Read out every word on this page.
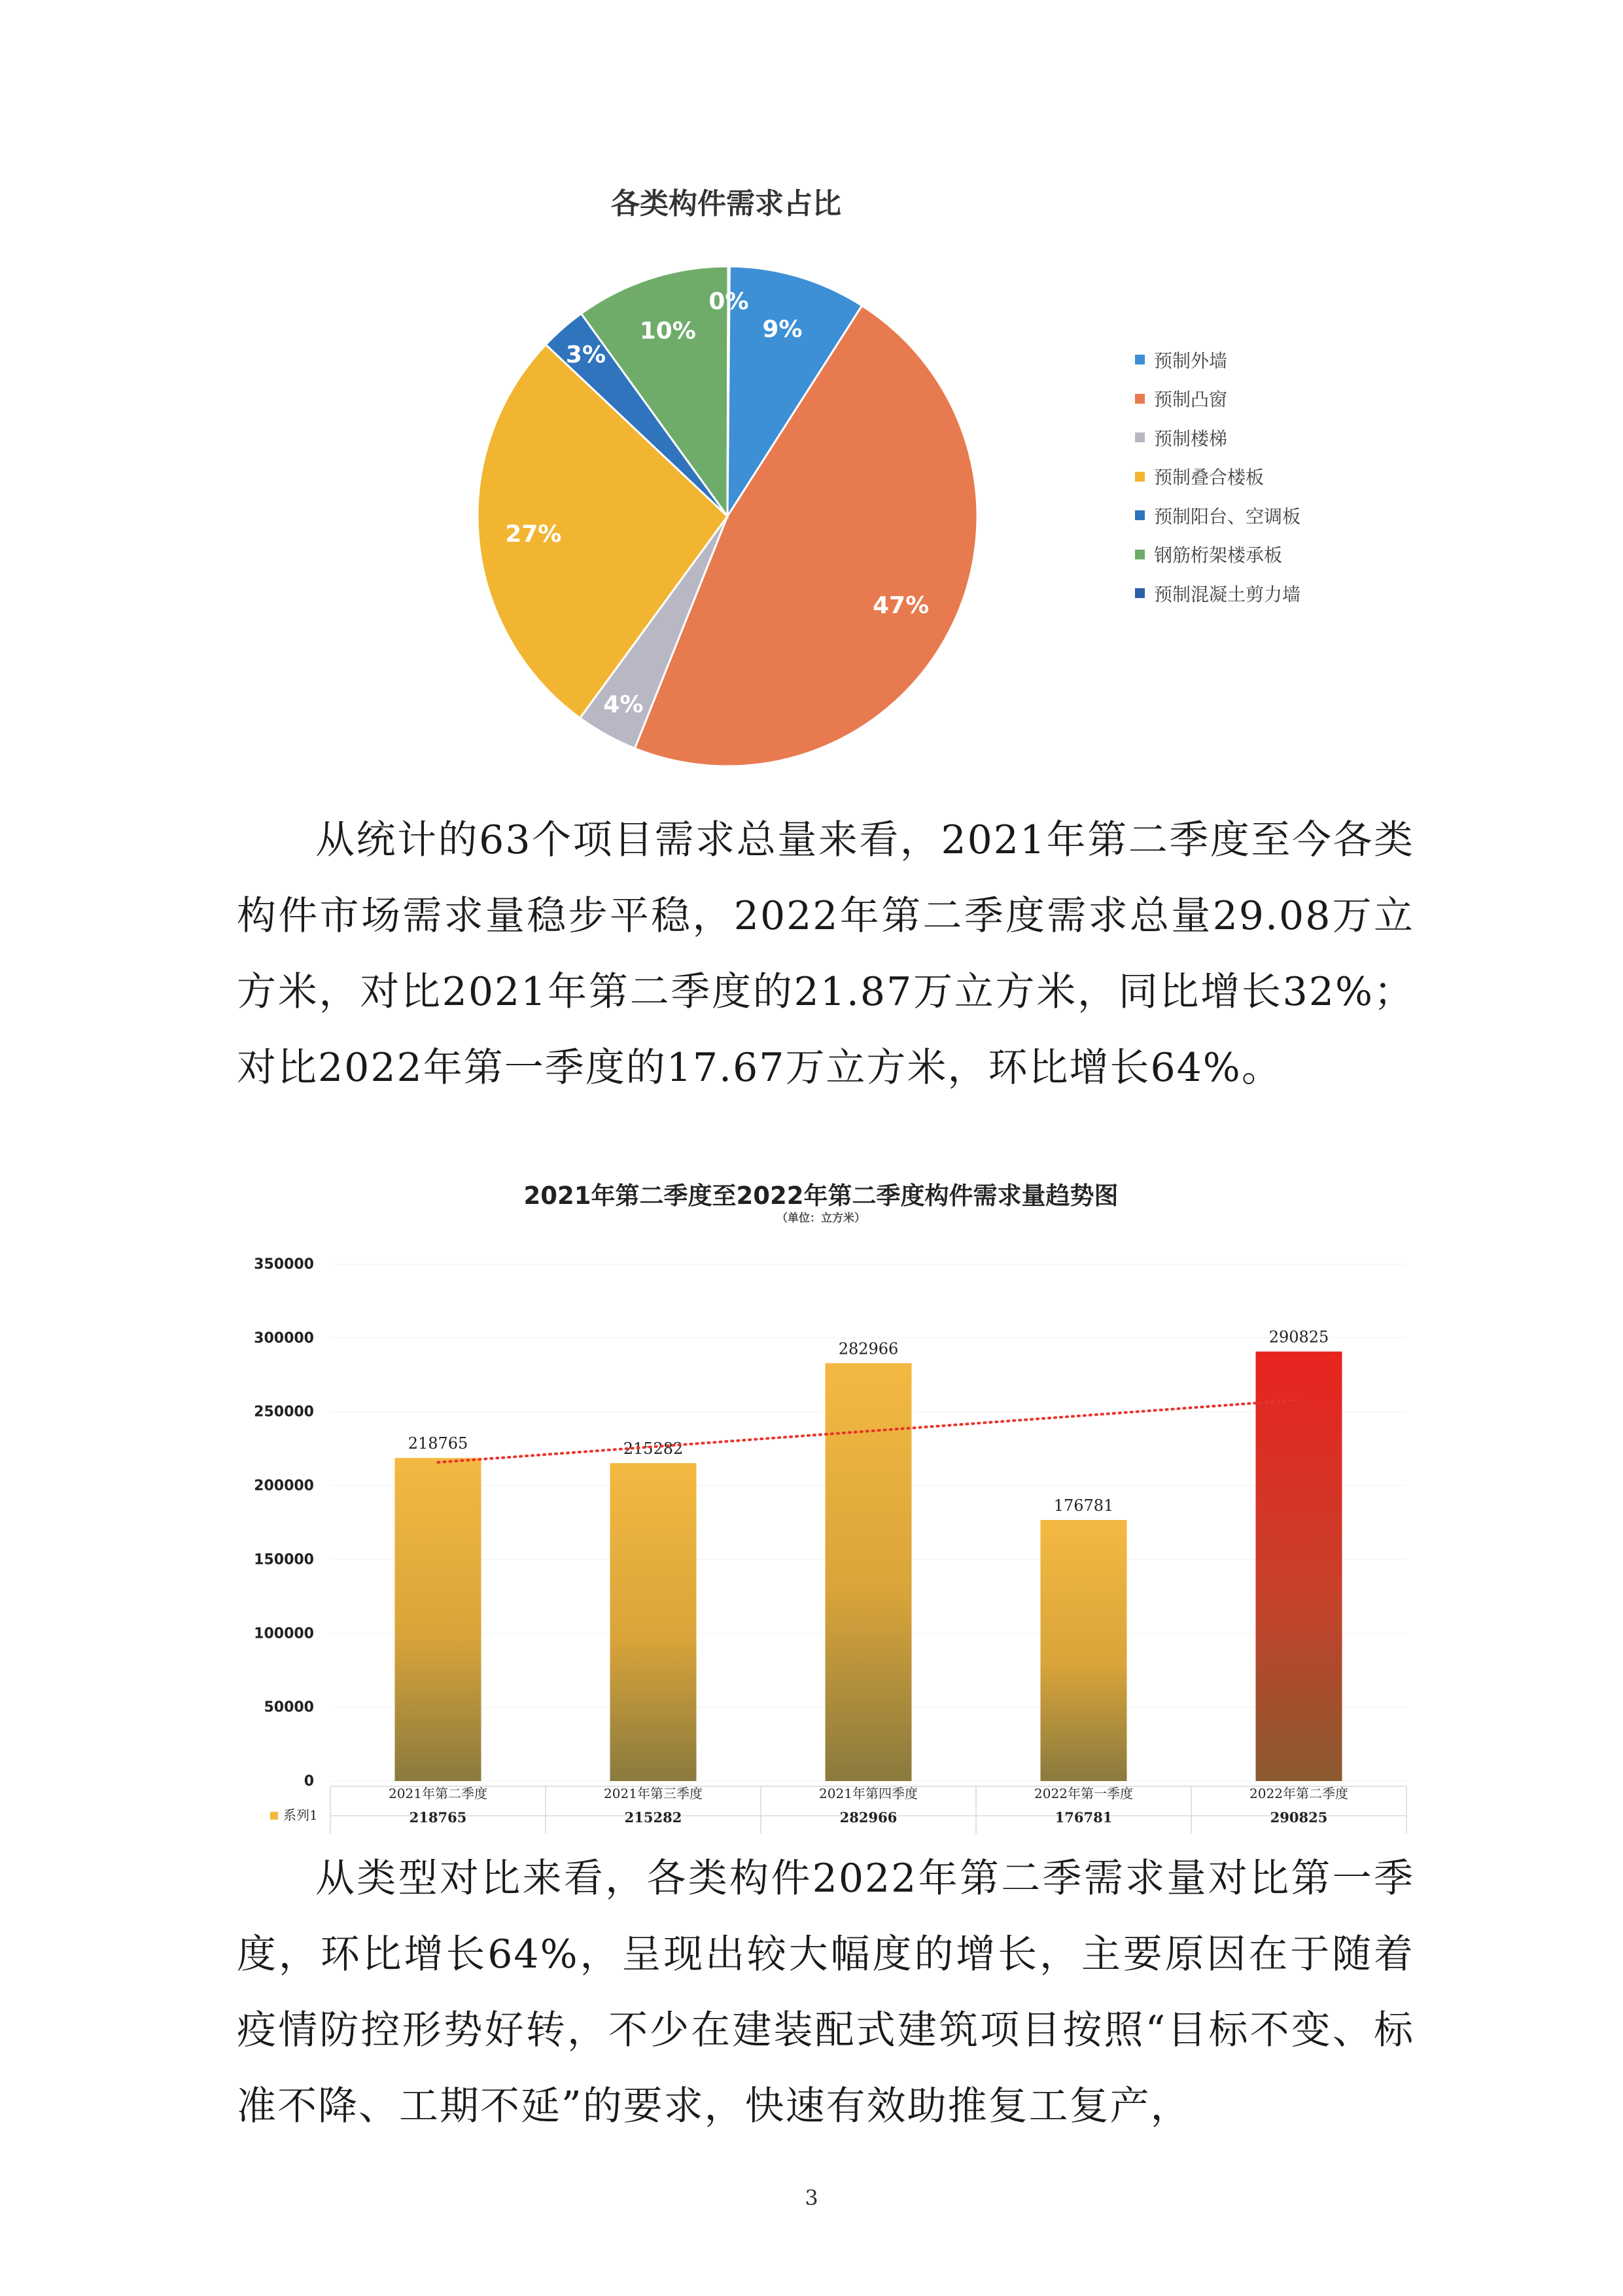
各类构件需求占比
9%
47%
4%
27%
3%
10%
0%
预制外墙
预制凸窗
预制楼梯
预制叠合楼板
预制阳台、空调板
钢筋桁架楼承板
预制混凝土剪力墙
从统计的63个项目需求总量来看，2021年第二季度至今各类构件市场需求量稳步平稳，2022年第二季度需求总量29.08万立方米，对比2021年第二季度的21.87万立方米，同比增长32%；对比2022年第一季度的17.67万立方米，环比增长64%。
2021年第二季度至2022年第二季度构件需求量趋势图
（单位：立方米）
0
50000
100000
150000
200000
250000
300000
350000
218765	215282
282966
176781
290825
2021年第二季度
218765
2021年第三季度
215282
2021年第四季度
282966
2022年第一季度
176781
2022年第二季度
290825
系列1
从类型对比来看，各类构件2022年第二季需求量对比第一季度，环比增长64%，呈现出较大幅度的增长，主要原因在于随着疫情防控形势好转，不少在建装配式建筑项目按照“目标不变、标准不降、工期不延”的要求，快速有效助推复工复产，
3
